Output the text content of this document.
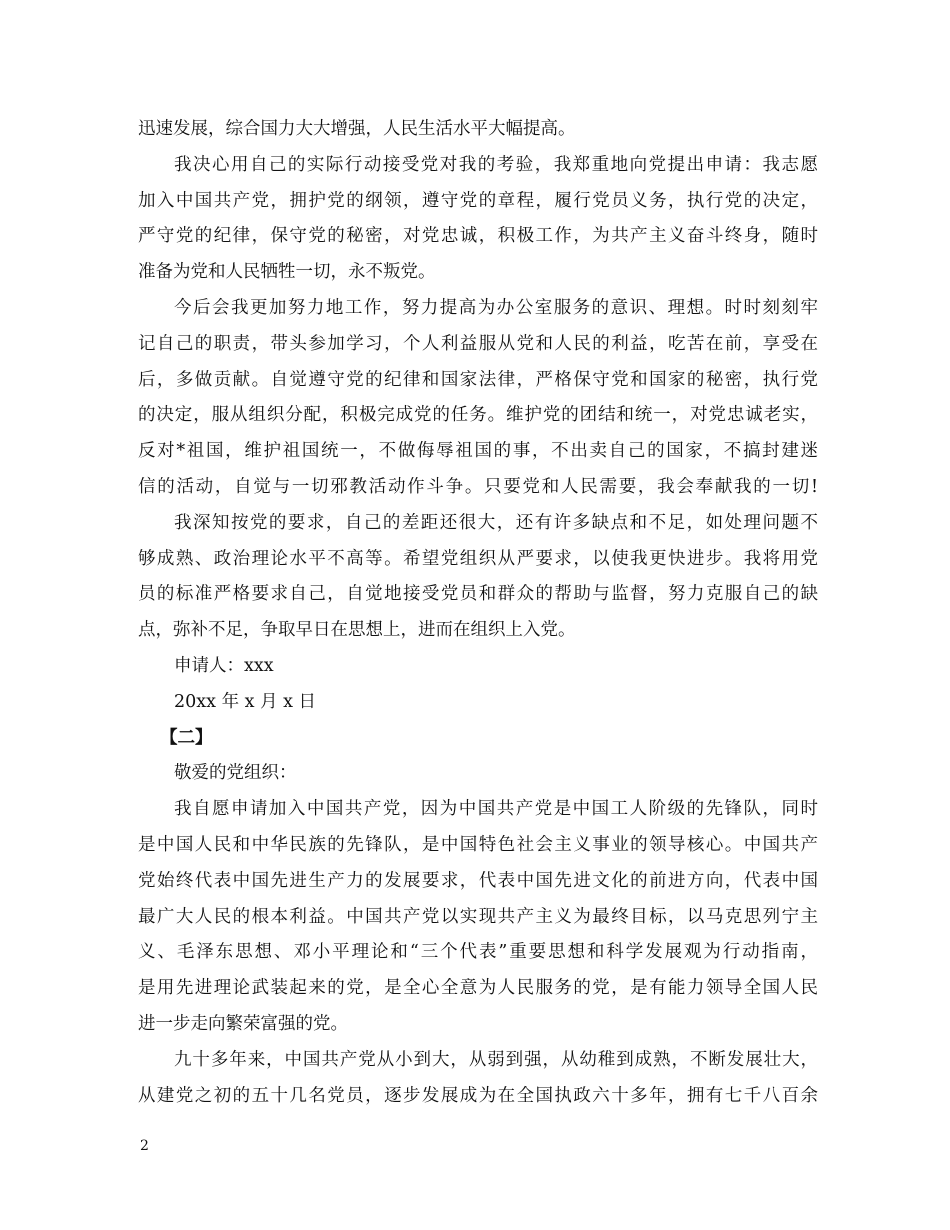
迅速发展，综合国力大大增强，人民生活水平大幅提高。
我决心用自己的实际行动接受党对我的考验，我郑重地向党提出申请：我志愿
加入中国共产党，拥护党的纲领，遵守党的章程，履行党员义务，执行党的决定，
严守党的纪律，保守党的秘密，对党忠诚，积极工作，为共产主义奋斗终身，随时
准备为党和人民牺牲一切，永不叛党。
今后会我更加努力地工作，努力提高为办公室服务的意识、理想。时时刻刻牢
记自己的职责，带头参加学习，个人利益服从党和人民的利益，吃苦在前，享受在
后，多做贡献。自觉遵守党的纪律和国家法律，严格保守党和国家的秘密，执行党
的决定，服从组织分配，积极完成党的任务。维护党的团结和统一，对党忠诚老实，
反对*祖国，维护祖国统一，不做侮辱祖国的事，不出卖自己的国家，不搞封建迷
信的活动，自觉与一切邪教活动作斗争。只要党和人民需要，我会奉献我的一切!
我深知按党的要求，自己的差距还很大，还有许多缺点和不足，如处理问题不
够成熟、政治理论水平不高等。希望党组织从严要求，以使我更快进步。我将用党
员的标准严格要求自己，自觉地接受党员和群众的帮助与监督，努力克服自己的缺
点，弥补不足，争取早日在思想上，进而在组织上入党。
申请人：xxx
20xx 年 x 月 x 日
【二】
敬爱的党组织：
我自愿申请加入中国共产党，因为中国共产党是中国工人阶级的先锋队，同时
是中国人民和中华民族的先锋队，是中国特色社会主义事业的领导核心。中国共产
党始终代表中国先进生产力的发展要求，代表中国先进文化的前进方向，代表中国
最广大人民的根本利益。中国共产党以实现共产主义为最终目标，以马克思列宁主
义、毛泽东思想、邓小平理论和“三个代表”重要思想和科学发展观为行动指南，
是用先进理论武装起来的党，是全心全意为人民服务的党，是有能力领导全国人民
进一步走向繁荣富强的党。
九十多年来，中国共产党从小到大，从弱到强，从幼稚到成熟，不断发展壮大，
从建党之初的五十几名党员，逐步发展成为在全国执政六十多年，拥有七千八百余
2
